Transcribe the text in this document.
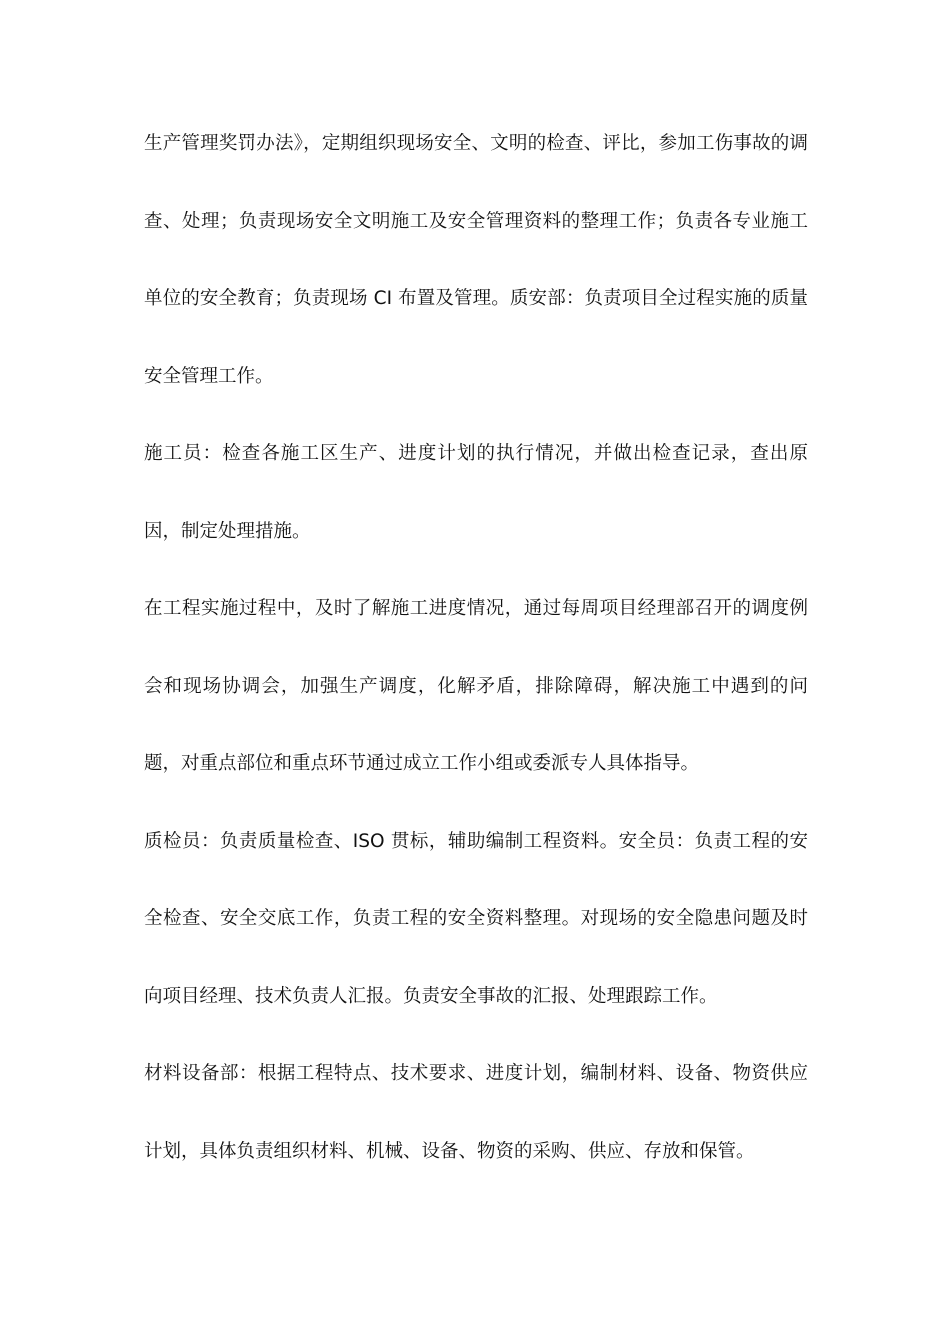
生产管理奖罚办法》，定期组织现场安全、文明的检查、评比，参加工伤事故的调查、处理；负责现场安全文明施工及安全管理资料的整理工作；负责各专业施工单位的安全教育；负责现场 CI 布置及管理。质安部：负责项目全过程实施的质量安全管理工作。

施工员：检查各施工区生产、进度计划的执行情况，并做出检查记录，查出原因，制定处理措施。

在工程实施过程中，及时了解施工进度情况，通过每周项目经理部召开的调度例会和现场协调会，加强生产调度，化解矛盾，排除障碍，解决施工中遇到的问题，对重点部位和重点环节通过成立工作小组或委派专人具体指导。

质检员：负责质量检查、ISO 贯标，辅助编制工程资料。安全员：负责工程的安全检查、安全交底工作，负责工程的安全资料整理。对现场的安全隐患问题及时向项目经理、技术负责人汇报。负责安全事故的汇报、处理跟踪工作。

材料设备部：根据工程特点、技术要求、进度计划，编制材料、设备、物资供应计划，具体负责组织材料、机械、设备、物资的采购、供应、存放和保管。
